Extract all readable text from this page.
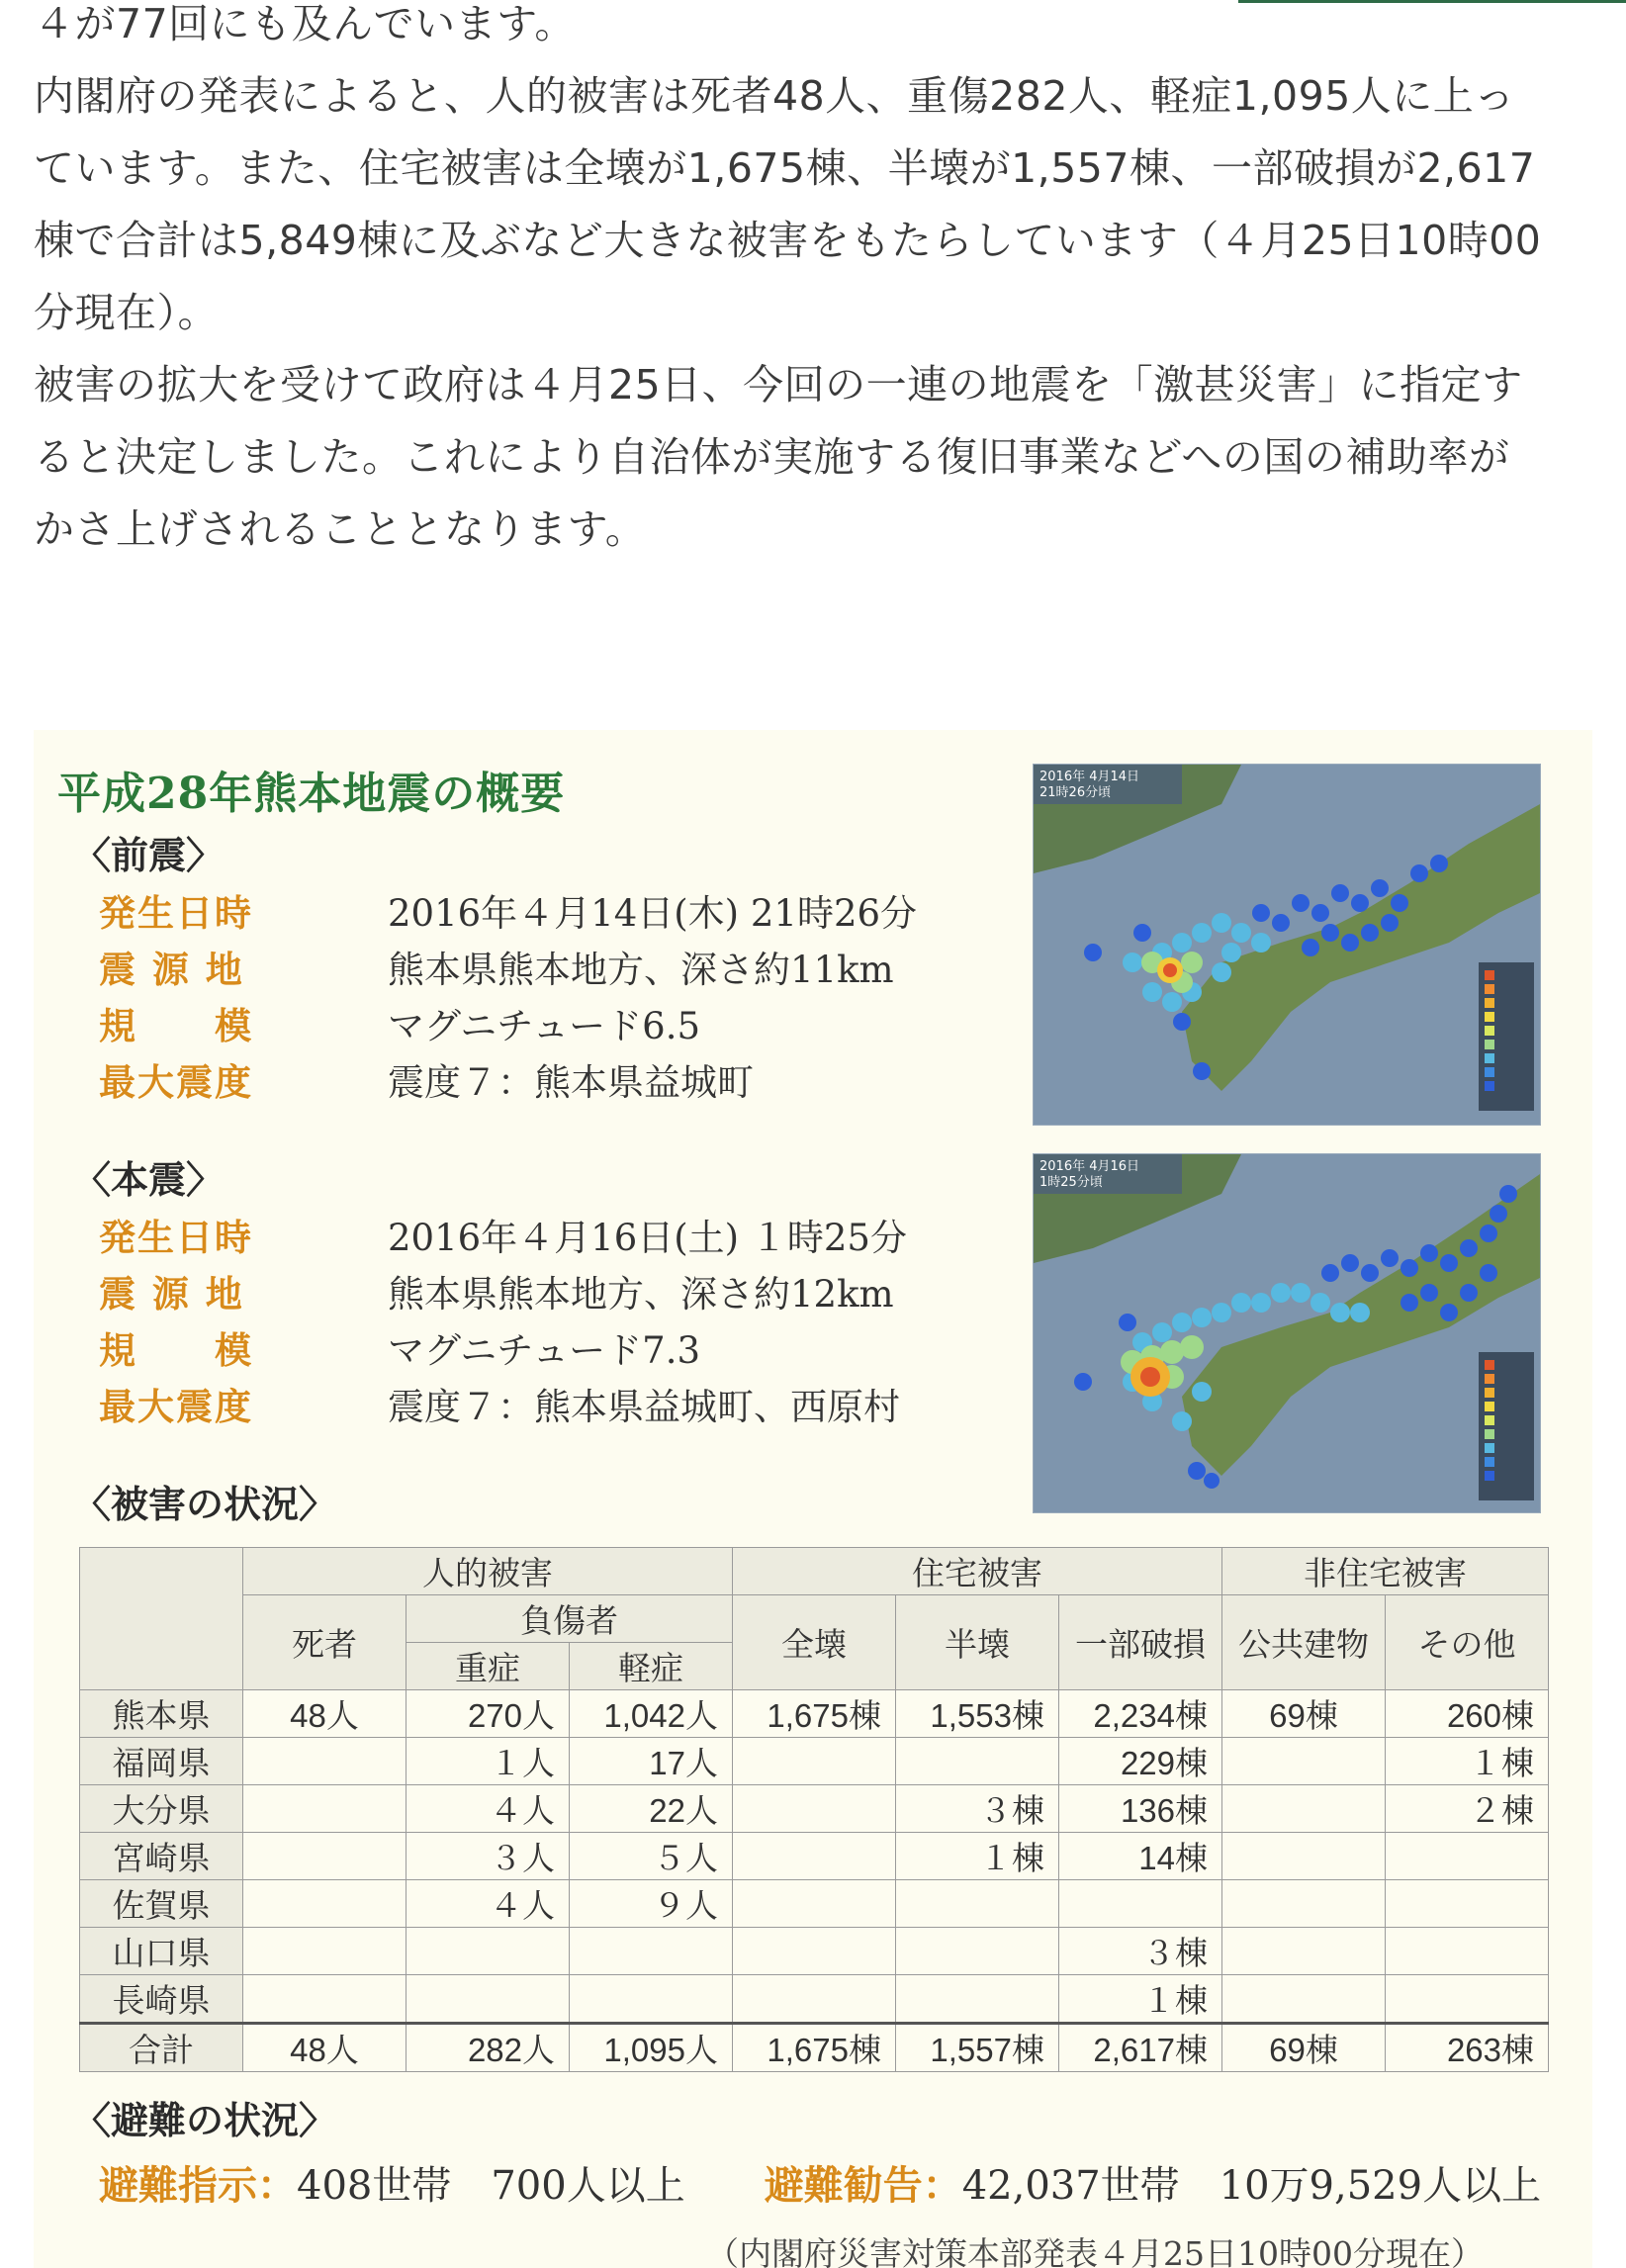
４が77回にも及んでいます。

内閣府の発表によると、人的被害は死者48人、重傷282人、軽症1,095人に上っ

ています。また、住宅被害は全壊が1,675棟、半壊が1,557棟、一部破損が2,617

棟で合計は5,849棟に及ぶなど大きな被害をもたらしています（４月25日10時00

分現在）。

被害の拡大を受けて政府は４月25日、今回の一連の地震を「激甚災害」に指定す

ると決定しました。これにより自治体が実施する復旧事業などへの国の補助率が

かさ上げされることとなります。

平成28年熊本地震の概要
〈前震〉
発生日時	2016年４月14日(木) 21時26分
震 源 地	熊本県熊本地方、深さ約11km
規　　模	マグニチュード6.5
最大震度	震度７：熊本県益城町
2016年 4月14日
21時26分頃
〈本震〉
発生日時	2016年４月16日(土) １時25分
震 源 地	熊本県熊本地方、深さ約12km
規　　模	マグニチュード7.3
最大震度	震度７：熊本県益城町、西原村
2016年 4月16日
1時25分頃
〈被害の状況〉
	人的被害			住宅被害			非住宅被害	
	死者	負傷者		全壊	半壊	一部破損	公共建物	その他
		重症	軽症					
熊本県	48人	270人	1,042人	1,675棟	1,553棟	2,234棟	69棟	260棟
福岡県		１人	17人			229棟		１棟
大分県		４人	22人		３棟	136棟		２棟
宮崎県		３人	５人		１棟	14棟		
佐賀県		４人	９人					
山口県						３棟		
長崎県						１棟		
合計	48人	282人	1,095人	1,675棟	1,557棟	2,617棟	69棟	263棟
〈避難の状況〉
避難指示：408世帯　700人以上 避難勧告：42,037世帯　10万9,529人以上
（内閣府災害対策本部発表４月25日10時00分現在）
